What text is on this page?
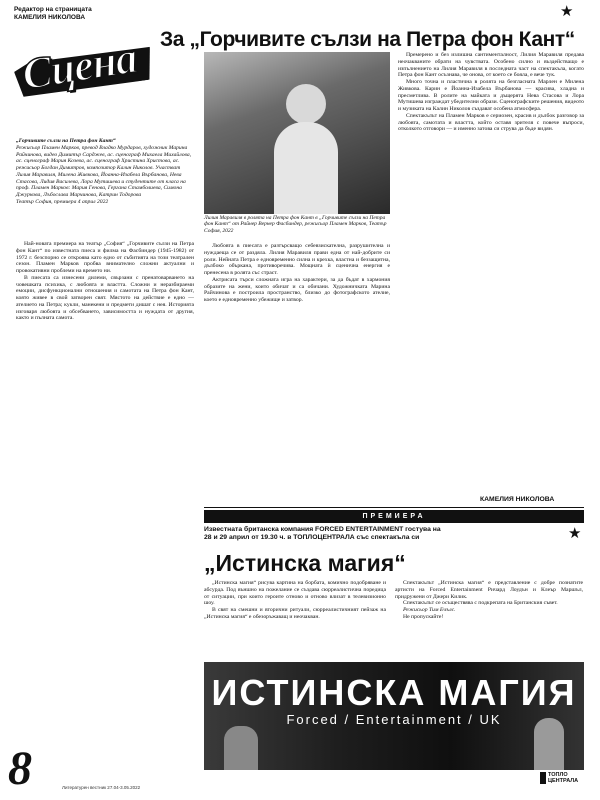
Редактор на страницата
КАМЕЛИЯ НИКОЛОВА
Сцена За „Горчивите сълзи на Петра фон Кант“
★
„Горчивите сълзи на Петра фон Кант“
Режисьор Пламен Марков, превод Владко Мурдаров, художник Марина Райчинова, видео Димитър Сарджев, ас. сценограф Михаела Михайлова, ас. сценограф Мария Козева, ас. сценограф Христина Христова, ас. режисьор Богдан Димитров, композитор Калин Николов. Участват Лилия Маравиля, Милена Живкова, Йоанна-Изабела Върбанова, Нева Стасова, Лидия Василева, Лора Мутишева и студентите от класа на проф. Пламен Марков: Мария Генова, Гергана Стамболиева, Симона Джуркова, Лъбослава Марчинова, Катрин Тодорова
Театър София, премиера 4 април 2022

Най-новата премиера на театър „София“ „Горчивите сълзи на Петра фон Кант“ по известната пиеса и филма на Фасбиндер (1945-1982) от 1972 г. безспорно се откроява като едно от събитията на този театрален сезон. Пламен Марков пробва внимателно сложни актуални и провокативни проблеми на времето ни.

В пиесата са изнесени дилеми, свързани с пренатоварването на човешката психика, с любовта и властта. Сложни и неразбираеми емоции, дисфункционални отношения и самотата на Петра фон Кант, която живее в свой затворен свят. Мястото на действие е едно — ателието на Петра; кукли, манекени и предмети дишат с нея. Историята изговаря любовта и обсебването, зависимостта и нуждата от другия, както и пълната самота.

Лилия Маравиля в ролята на Петра фон Кант в „Горчивите сълзи на Петра фон Кант“ от Райнер Вернер Фасбиндер, режисьор Пламен Марков, Театър София, 2022

Любовта в пиесата е разтърсващо себевзискателна, разрушителна и нуждаеща се от раздяла. Лилия Маравиля прави една от най-добрите си роли. Нейната Петра е едновременно силна и крехка, властна и беззащитна, дълбоко объркана, противоречива. Мощната ѝ сценична енергия е пренесена в ролята със страст.

Актрисата търси сложната игра на характери, за да бъдат в хармония образите на жени, които обичат и са обичани. Художничката Марина Райчинова е построила пространство, близко до фотографското ателие, което е едновременно убежище и затвор.

Премерено и без излишна сантименталност, Лилия Маравиля предава неочакваните обрати на чувствата. Особено силно и въздействащо е изпълнението на Лилия Маравиля в последната част на спектакъла, когато Петра фон Кант осъзнава, че онова, от което се бояла, е вече тук.

Много точна и пластична в ролята на безгласната Марлен е Милена Живкова. Карин е Йоанна-Изабела Върбанова — красива, хладна и пресметлива. В ролите на майката и дъщерята Нева Стасова и Лора Мутишева изграждат убедителни образи. Сценографските решения, видеото и музиката на Калин Николов създават особена атмосфера.

Спектакълът на Пламен Марков е сериозен, красив и дълбок разговор за любовта, самотата и властта, който оставя зрителя с повече въпроси, отколкото отговори — и именно затова си струва да бъде видян.

КАМЕЛИЯ НИКОЛОВА
ПРЕМИЕРА
Известната британска компания FORCED ENTERTAINMENT гостува на 28 и 29 април от 19.30 ч. в ТОПЛОЦЕНТРАЛА със спектакъла си	★
„Истинска магия“

„Истинска магия“ рисува картина на борбата, комично подобряване и абсурда. Под външно на пожелание се създава сюрреалистична поредица от ситуации, при които героите отново и отново влизат в телевизионно шоу.

В свят на смешни и вторични ритуали, сюрреалистичният пейзаж на „Истинска магия“ е обезоръжаващ и неочакван.

Спектакълът „Истинска магия“ е представление с добре познатите артисти на Forced Entertainment Ричард Лоудън и Клеър Маршъл, придружени от Джери Килик.

Спектакълът се осъществява с подкрепата на Британския съвет.

Режисьор Тим Ечълс.

Не пропускайте!

ИСТИНСКА МАГИЯ
Forced / Entertainment / UK
8	Литературен вестник 27.04-3.05.2022
ТОПЛО
ЦЕНТРАЛА
